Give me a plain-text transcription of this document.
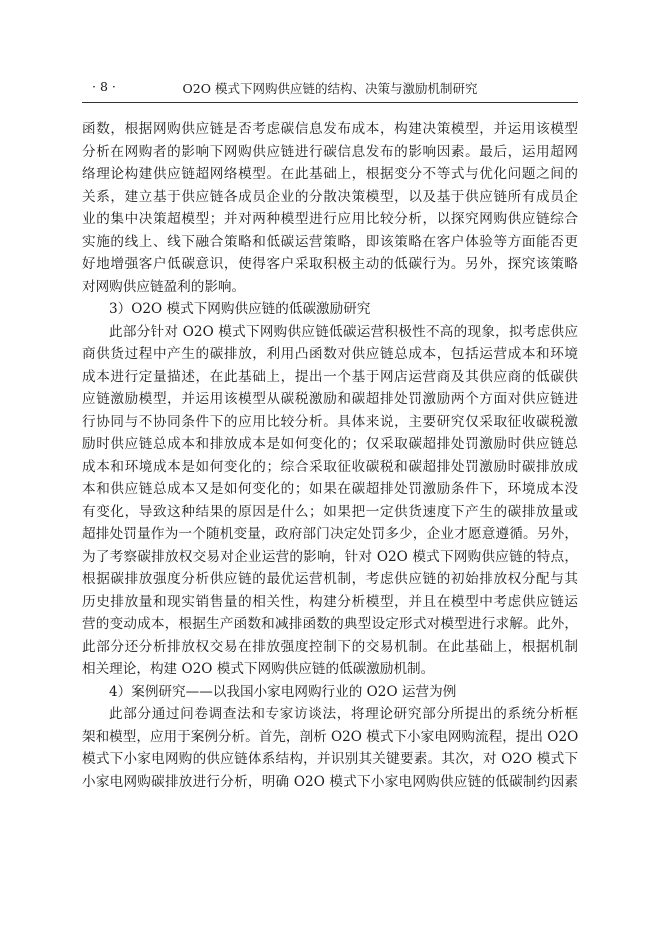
· 8 ·	O2O 模式下网购供应链的结构、决策与激励机制研究
函数，根据网购供应链是否考虑碳信息发布成本，构建决策模型，并运用该模型
分析在网购者的影响下网购供应链进行碳信息发布的影响因素。最后，运用超网
络理论构建供应链超网络模型。在此基础上，根据变分不等式与优化问题之间的
关系，建立基于供应链各成员企业的分散决策模型，以及基于供应链所有成员企
业的集中决策超模型；并对两种模型进行应用比较分析，以探究网购供应链综合
实施的线上、线下融合策略和低碳运营策略，即该策略在客户体验等方面能否更
好地增强客户低碳意识，使得客户采取积极主动的低碳行为。另外，探究该策略
对网购供应链盈利的影响。
3）O2O 模式下网购供应链的低碳激励研究
此部分针对 O2O 模式下网购供应链低碳运营积极性不高的现象，拟考虑供应
商供货过程中产生的碳排放，利用凸函数对供应链总成本，包括运营成本和环境
成本进行定量描述，在此基础上，提出一个基于网店运营商及其供应商的低碳供
应链激励模型，并运用该模型从碳税激励和碳超排处罚激励两个方面对供应链进
行协同与不协同条件下的应用比较分析。具体来说，主要研究仅采取征收碳税激
励时供应链总成本和排放成本是如何变化的；仅采取碳超排处罚激励时供应链总
成本和环境成本是如何变化的；综合采取征收碳税和碳超排处罚激励时碳排放成
本和供应链总成本又是如何变化的；如果在碳超排处罚激励条件下，环境成本没
有变化，导致这种结果的原因是什么；如果把一定供货速度下产生的碳排放量或
超排处罚量作为一个随机变量，政府部门决定处罚多少，企业才愿意遵循。另外，
为了考察碳排放权交易对企业运营的影响，针对 O2O 模式下网购供应链的特点，
根据碳排放强度分析供应链的最优运营机制，考虑供应链的初始排放权分配与其
历史排放量和现实销售量的相关性，构建分析模型，并且在模型中考虑供应链运
营的变动成本，根据生产函数和减排函数的典型设定形式对模型进行求解。此外，
此部分还分析排放权交易在排放强度控制下的交易机制。在此基础上，根据机制
相关理论，构建 O2O 模式下网购供应链的低碳激励机制。
4）案例研究——以我国小家电网购行业的 O2O 运营为例
此部分通过问卷调查法和专家访谈法，将理论研究部分所提出的系统分析框
架和模型，应用于案例分析。首先，剖析 O2O 模式下小家电网购流程，提出 O2O
模式下小家电网购的供应链体系结构，并识别其关键要素。其次，对 O2O 模式下
小家电网购碳排放进行分析，明确 O2O 模式下小家电网购供应链的低碳制约因素
